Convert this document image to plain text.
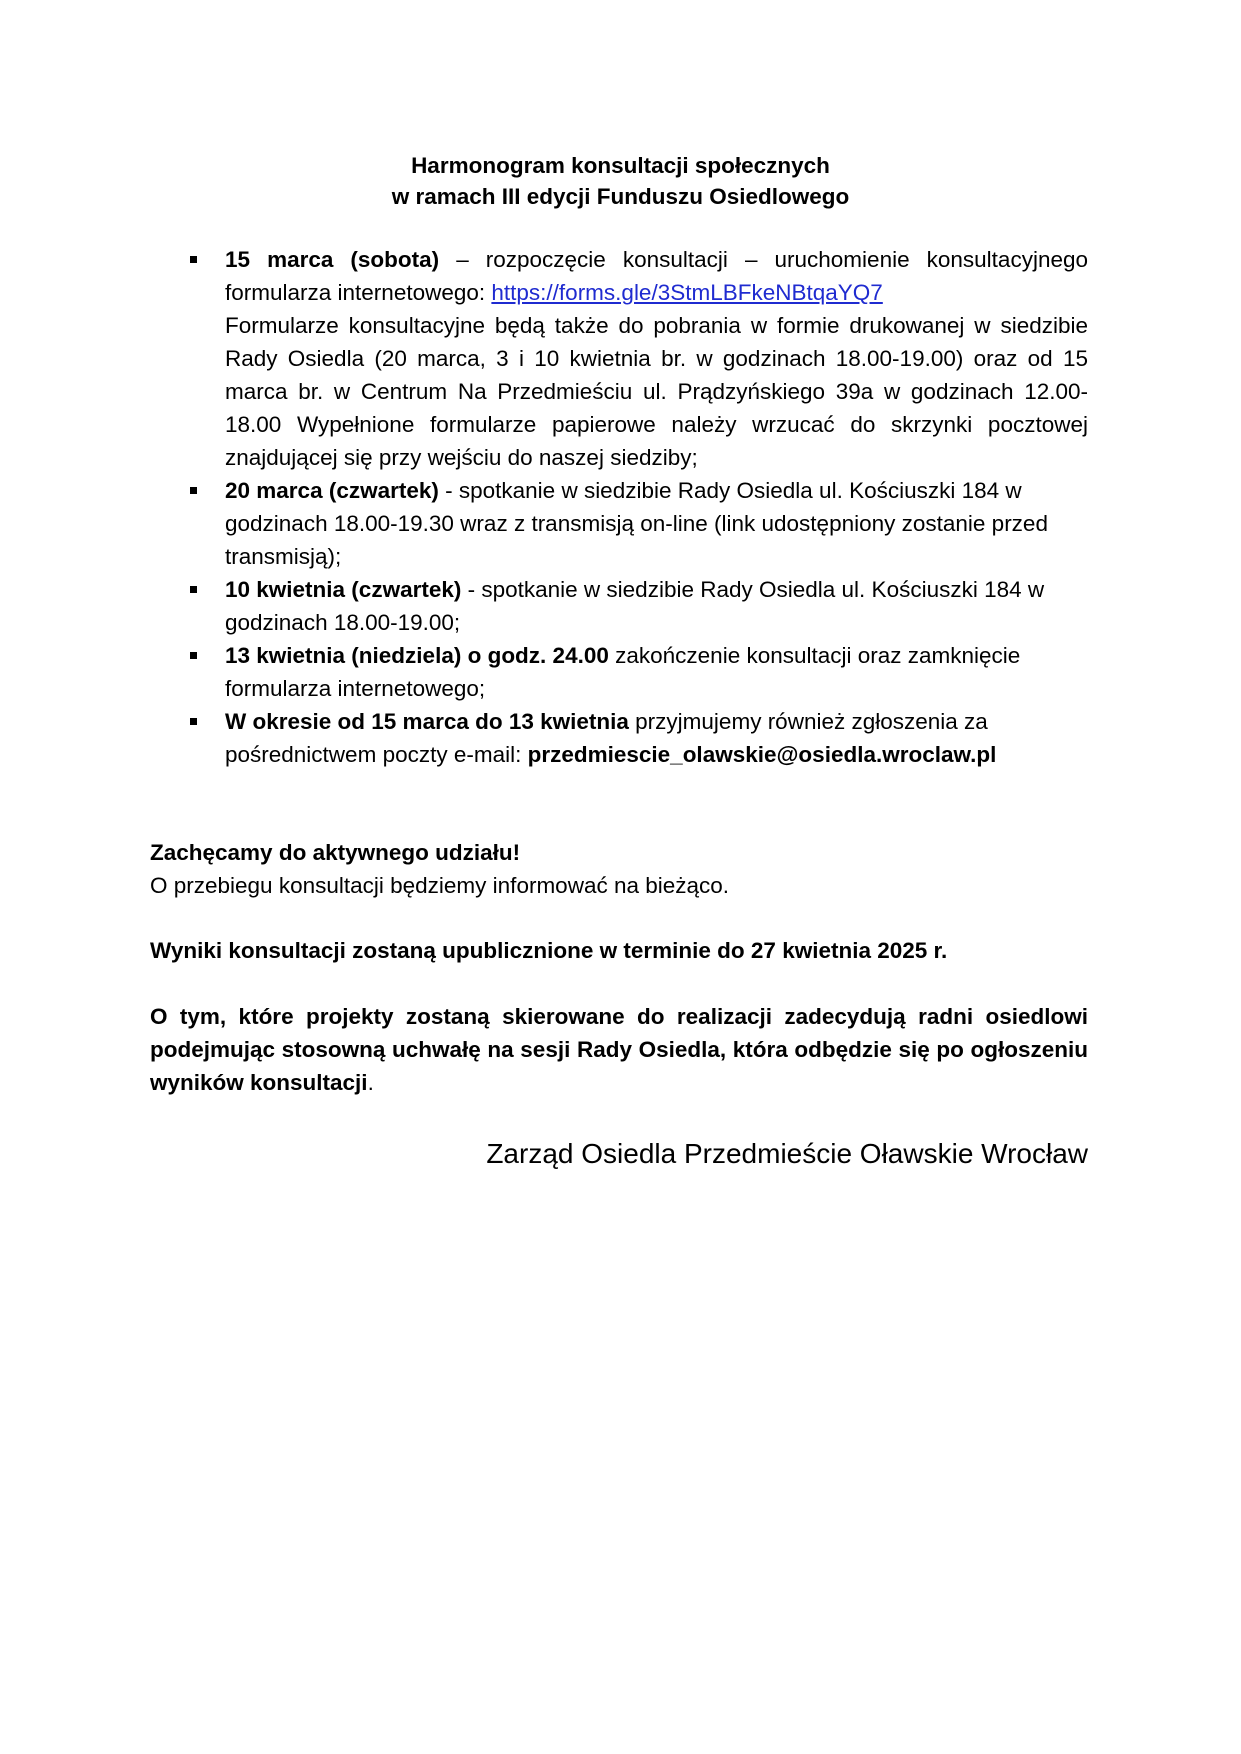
Harmonogram konsultacji społecznych
w ramach III edycji Funduszu Osiedlowego
15 marca (sobota) – rozpoczęcie konsultacji – uruchomienie konsultacyjnego formularza internetowego: https://forms.gle/3StmLBFkeNBtqaYQ7
Formularze konsultacyjne będą także do pobrania w formie drukowanej w siedzibie Rady Osiedla (20 marca, 3 i 10 kwietnia br. w godzinach 18.00-19.00) oraz od 15 marca br. w Centrum Na Przedmieściu ul. Prądzyńskiego 39a w godzinach 12.00-18.00 Wypełnione formularze papierowe należy wrzucać do skrzynki pocztowej znajdującej się przy wejściu do naszej siedziby;
20 marca (czwartek) - spotkanie w siedzibie Rady Osiedla ul. Kościuszki 184 w godzinach 18.00-19.30 wraz z transmisją on-line (link udostępniony zostanie przed transmisją);
10 kwietnia (czwartek) - spotkanie w siedzibie Rady Osiedla ul. Kościuszki 184 w godzinach 18.00-19.00;
13 kwietnia (niedziela) o godz. 24.00 zakończenie konsultacji oraz zamknięcie formularza internetowego;
W okresie od 15 marca do 13 kwietnia przyjmujemy również zgłoszenia za pośrednictwem poczty e-mail: przedmiescie_olawskie@osiedla.wroclaw.pl
Zachęcamy do aktywnego udziału!
O przebiegu konsultacji będziemy informować na bieżąco.
Wyniki konsultacji zostaną upublicznione w terminie do 27 kwietnia 2025 r.
O tym, które projekty zostaną skierowane do realizacji zadecydują radni osiedlowi podejmując stosowną uchwałę na sesji Rady Osiedla, która odbędzie się po ogłoszeniu wyników konsultacji.
Zarząd Osiedla Przedmieście Oławskie Wrocław
